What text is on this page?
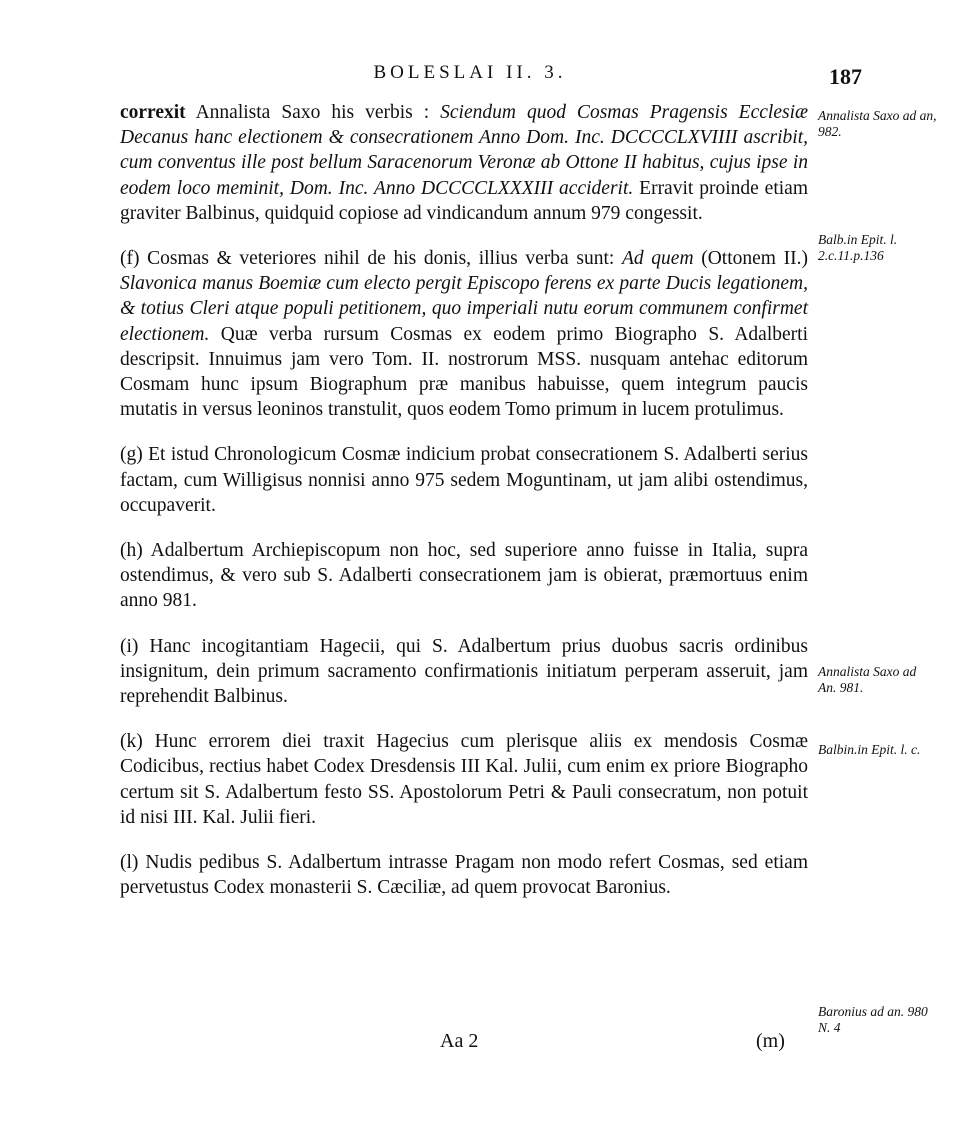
BOLESLAI II. 3.	187

correxit Annalista Saxo his verbis : Sciendum quod Cosmas Pragensis Ecclesiæ Decanus hanc electionem & consecrationem Anno Dom. Inc. DCCCCLXVIIII ascribit, cum conventus ille post bellum Saracenorum Veronæ ab Ottone II habitus, cujus ipse in eodem loco meminit, Dom. Inc. Anno DCCCCLXXXIII acciderit. Erravit proinde etiam graviter Balbinus, quidquid copiose ad vindicandum annum 979 congessit.

(f) Cosmas & veteriores nihil de his donis, illius verba sunt: Ad quem (Ottonem II.) Slavonica manus Boemiæ cum electo pergit Episcopo ferens ex parte Ducis legationem, & totius Cleri atque populi petitionem, quo imperiali nutu eorum communem confirmet electionem. Quæ verba rursum Cosmas ex eodem primo Biographo S. Adalberti descripsit. Innuimus jam vero Tom. II. nostrorum MSS. nusquam antehac editorum Cosmam hunc ipsum Biographum præ manibus habuisse, quem integrum paucis mutatis in versus leoninos transtulit, quos eodem Tomo primum in lucem protulimus.

(g) Et istud Chronologicum Cosmæ indicium probat consecrationem S. Adalberti serius factam, cum Willigisus nonnisi anno 975 sedem Moguntinam, ut jam alibi ostendimus, occupaverit.

(h) Adalbertum Archiepiscopum non hoc, sed superiore anno fuisse in Italia, supra ostendimus, & vero sub S. Adalberti consecrationem jam is obierat, præmortuus enim anno 981.

(i) Hanc incogitantiam Hagecii, qui S. Adalbertum prius duobus sacris ordinibus insignitum, dein primum sacramento confirmationis initiatum perperam asseruit, jam reprehendit Balbinus.

(k) Hunc errorem diei traxit Hagecius cum plerisque aliis ex mendosis Cosmæ Codicibus, rectius habet Codex Dresdensis III Kal. Julii, cum enim ex priore Biographo certum sit S. Adalbertum festo SS. Apostolorum Petri & Pauli consecratum, non potuit id nisi III. Kal. Julii fieri.

(l) Nudis pedibus S. Adalbertum intrasse Pragam non modo refert Cosmas, sed etiam pervetustus Codex monasterii S. Cæciliæ, ad quem provocat Baronius.

Annalista Saxo ad an, 982.
Balb.in Epit. l. 2.c.11.p.136
Annalista Saxo ad An. 981.
Balbin.in Epit. l. c.
Baronius ad an. 980 N. 4
Aa 2	(m)
